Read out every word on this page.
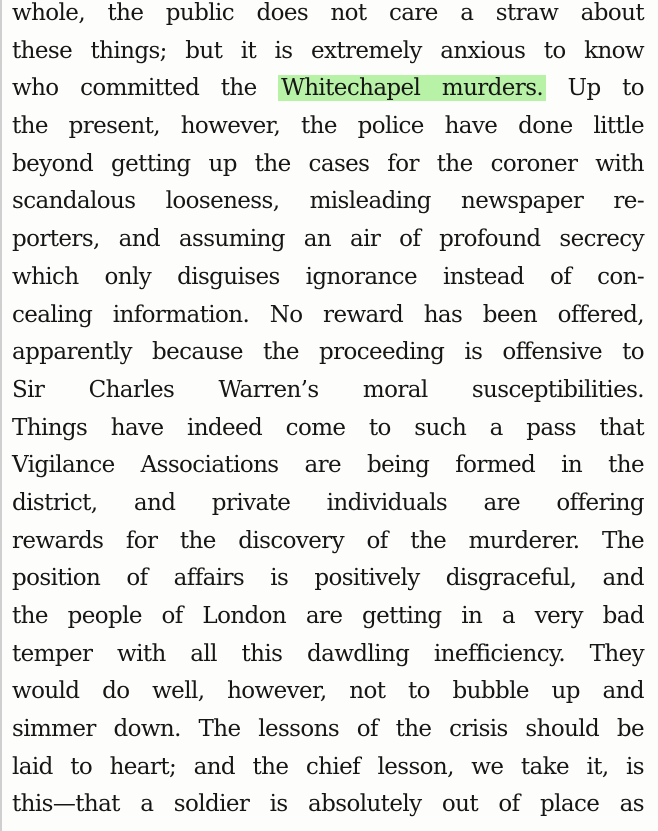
whole, the public does not care a straw about
these things; but it is extremely anxious to know
who committed the Whitechapel murders. Up to
the present, however, the police have done little
beyond getting up the cases for the coroner with
scandalous looseness, misleading newspaper re-
porters, and assuming an air of profound secrecy
which only disguises ignorance instead of con-
cealing information. No reward has been offered,
apparently because the proceeding is offensive to
Sir Charles Warren’s moral susceptibilities.
Things have indeed come to such a pass that
Vigilance Associations are being formed in the
district, and private individuals are offering
rewards for the discovery of the murderer. The
position of affairs is positively disgraceful, and
the people of London are getting in a very bad
temper with all this dawdling inefficiency. They
would do well, however, not to bubble up and
simmer down. The lessons of the crisis should be
laid to heart; and the chief lesson, we take it, is
this—that a soldier is absolutely out of place as
